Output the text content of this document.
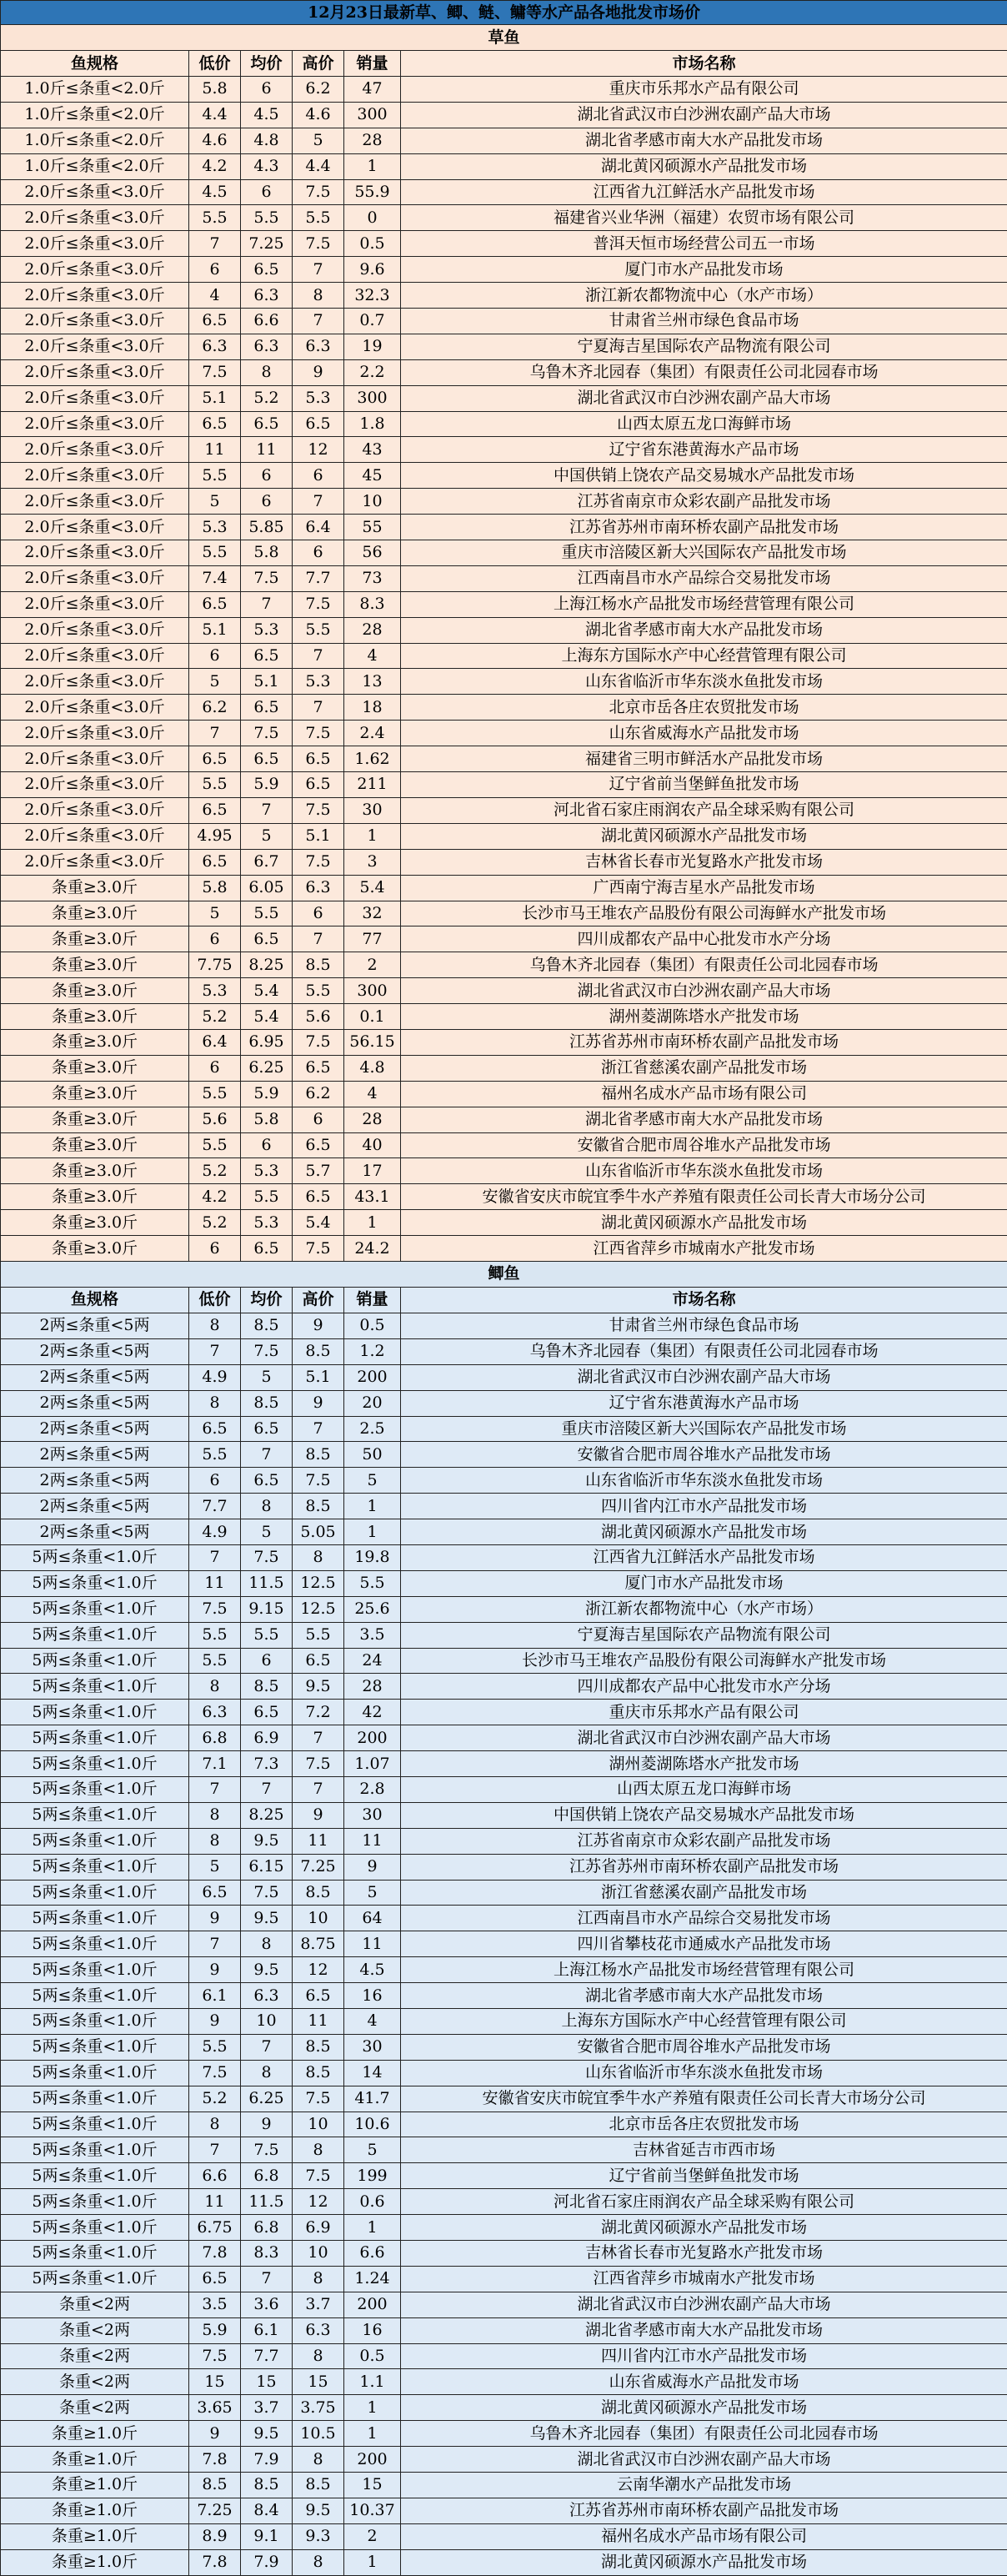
12月23日最新草、鲫、鲢、鳙等水产品各地批发市场价					
草鱼					
鱼规格	低价	均价	高价	销量	市场名称
1.0斤≤条重<2.0斤	5.8	6	6.2	47	重庆市乐邦水产品有限公司
1.0斤≤条重<2.0斤	4.4	4.5	4.6	300	湖北省武汉市白沙洲农副产品大市场
1.0斤≤条重<2.0斤	4.6	4.8	5	28	湖北省孝感市南大水产品批发市场
1.0斤≤条重<2.0斤	4.2	4.3	4.4	1	湖北黄冈硕源水产品批发市场
2.0斤≤条重<3.0斤	4.5	6	7.5	55.9	江西省九江鲜活水产品批发市场
2.0斤≤条重<3.0斤	5.5	5.5	5.5	0	福建省兴业华洲（福建）农贸市场有限公司
2.0斤≤条重<3.0斤	7	7.25	7.5	0.5	普洱天恒市场经营公司五一市场
2.0斤≤条重<3.0斤	6	6.5	7	9.6	厦门市水产品批发市场
2.0斤≤条重<3.0斤	4	6.3	8	32.3	浙江新农都物流中心（水产市场）
2.0斤≤条重<3.0斤	6.5	6.6	7	0.7	甘肃省兰州市绿色食品市场
2.0斤≤条重<3.0斤	6.3	6.3	6.3	19	宁夏海吉星国际农产品物流有限公司
2.0斤≤条重<3.0斤	7.5	8	9	2.2	乌鲁木齐北园春（集团）有限责任公司北园春市场
2.0斤≤条重<3.0斤	5.1	5.2	5.3	300	湖北省武汉市白沙洲农副产品大市场
2.0斤≤条重<3.0斤	6.5	6.5	6.5	1.8	山西太原五龙口海鲜市场
2.0斤≤条重<3.0斤	11	11	12	43	辽宁省东港黄海水产品市场
2.0斤≤条重<3.0斤	5.5	6	6	45	中国供销上饶农产品交易城水产品批发市场
2.0斤≤条重<3.0斤	5	6	7	10	江苏省南京市众彩农副产品批发市场
2.0斤≤条重<3.0斤	5.3	5.85	6.4	55	江苏省苏州市南环桥农副产品批发市场
2.0斤≤条重<3.0斤	5.5	5.8	6	56	重庆市涪陵区新大兴国际农产品批发市场
2.0斤≤条重<3.0斤	7.4	7.5	7.7	73	江西南昌市水产品综合交易批发市场
2.0斤≤条重<3.0斤	6.5	7	7.5	8.3	上海江杨水产品批发市场经营管理有限公司
2.0斤≤条重<3.0斤	5.1	5.3	5.5	28	湖北省孝感市南大水产品批发市场
2.0斤≤条重<3.0斤	6	6.5	7	4	上海东方国际水产中心经营管理有限公司
2.0斤≤条重<3.0斤	5	5.1	5.3	13	山东省临沂市华东淡水鱼批发市场
2.0斤≤条重<3.0斤	6.2	6.5	7	18	北京市岳各庄农贸批发市场
2.0斤≤条重<3.0斤	7	7.5	7.5	2.4	山东省威海水产品批发市场
2.0斤≤条重<3.0斤	6.5	6.5	6.5	1.62	福建省三明市鲜活水产品批发市场
2.0斤≤条重<3.0斤	5.5	5.9	6.5	211	辽宁省前当堡鲜鱼批发市场
2.0斤≤条重<3.0斤	6.5	7	7.5	30	河北省石家庄雨润农产品全球采购有限公司
2.0斤≤条重<3.0斤	4.95	5	5.1	1	湖北黄冈硕源水产品批发市场
2.0斤≤条重<3.0斤	6.5	6.7	7.5	3	吉林省长春市光复路水产批发市场
条重≥3.0斤	5.8	6.05	6.3	5.4	广西南宁海吉星水产品批发市场
条重≥3.0斤	5	5.5	6	32	长沙市马王堆农产品股份有限公司海鲜水产批发市场
条重≥3.0斤	6	6.5	7	77	四川成都农产品中心批发市水产分场
条重≥3.0斤	7.75	8.25	8.5	2	乌鲁木齐北园春（集团）有限责任公司北园春市场
条重≥3.0斤	5.3	5.4	5.5	300	湖北省武汉市白沙洲农副产品大市场
条重≥3.0斤	5.2	5.4	5.6	0.1	湖州菱湖陈塔水产批发市场
条重≥3.0斤	6.4	6.95	7.5	56.15	江苏省苏州市南环桥农副产品批发市场
条重≥3.0斤	6	6.25	6.5	4.8	浙江省慈溪农副产品批发市场
条重≥3.0斤	5.5	5.9	6.2	4	福州名成水产品市场有限公司
条重≥3.0斤	5.6	5.8	6	28	湖北省孝感市南大水产品批发市场
条重≥3.0斤	5.5	6	6.5	40	安徽省合肥市周谷堆水产品批发市场
条重≥3.0斤	5.2	5.3	5.7	17	山东省临沂市华东淡水鱼批发市场
条重≥3.0斤	4.2	5.5	6.5	43.1	安徽省安庆市皖宜季牛水产养殖有限责任公司长青大市场分公司
条重≥3.0斤	5.2	5.3	5.4	1	湖北黄冈硕源水产品批发市场
条重≥3.0斤	6	6.5	7.5	24.2	江西省萍乡市城南水产批发市场
鲫鱼					
鱼规格	低价	均价	高价	销量	市场名称
2两≤条重<5两	8	8.5	9	0.5	甘肃省兰州市绿色食品市场
2两≤条重<5两	7	7.5	8.5	1.2	乌鲁木齐北园春（集团）有限责任公司北园春市场
2两≤条重<5两	4.9	5	5.1	200	湖北省武汉市白沙洲农副产品大市场
2两≤条重<5两	8	8.5	9	20	辽宁省东港黄海水产品市场
2两≤条重<5两	6.5	6.5	7	2.5	重庆市涪陵区新大兴国际农产品批发市场
2两≤条重<5两	5.5	7	8.5	50	安徽省合肥市周谷堆水产品批发市场
2两≤条重<5两	6	6.5	7.5	5	山东省临沂市华东淡水鱼批发市场
2两≤条重<5两	7.7	8	8.5	1	四川省内江市水产品批发市场
2两≤条重<5两	4.9	5	5.05	1	湖北黄冈硕源水产品批发市场
5两≤条重<1.0斤	7	7.5	8	19.8	江西省九江鲜活水产品批发市场
5两≤条重<1.0斤	11	11.5	12.5	5.5	厦门市水产品批发市场
5两≤条重<1.0斤	7.5	9.15	12.5	25.6	浙江新农都物流中心（水产市场）
5两≤条重<1.0斤	5.5	5.5	5.5	3.5	宁夏海吉星国际农产品物流有限公司
5两≤条重<1.0斤	5.5	6	6.5	24	长沙市马王堆农产品股份有限公司海鲜水产批发市场
5两≤条重<1.0斤	8	8.5	9.5	28	四川成都农产品中心批发市水产分场
5两≤条重<1.0斤	6.3	6.5	7.2	42	重庆市乐邦水产品有限公司
5两≤条重<1.0斤	6.8	6.9	7	200	湖北省武汉市白沙洲农副产品大市场
5两≤条重<1.0斤	7.1	7.3	7.5	1.07	湖州菱湖陈塔水产批发市场
5两≤条重<1.0斤	7	7	7	2.8	山西太原五龙口海鲜市场
5两≤条重<1.0斤	8	8.25	9	30	中国供销上饶农产品交易城水产品批发市场
5两≤条重<1.0斤	8	9.5	11	11	江苏省南京市众彩农副产品批发市场
5两≤条重<1.0斤	5	6.15	7.25	9	江苏省苏州市南环桥农副产品批发市场
5两≤条重<1.0斤	6.5	7.5	8.5	5	浙江省慈溪农副产品批发市场
5两≤条重<1.0斤	9	9.5	10	64	江西南昌市水产品综合交易批发市场
5两≤条重<1.0斤	7	8	8.75	11	四川省攀枝花市通威水产品批发市场
5两≤条重<1.0斤	9	9.5	12	4.5	上海江杨水产品批发市场经营管理有限公司
5两≤条重<1.0斤	6.1	6.3	6.5	16	湖北省孝感市南大水产品批发市场
5两≤条重<1.0斤	9	10	11	4	上海东方国际水产中心经营管理有限公司
5两≤条重<1.0斤	5.5	7	8.5	30	安徽省合肥市周谷堆水产品批发市场
5两≤条重<1.0斤	7.5	8	8.5	14	山东省临沂市华东淡水鱼批发市场
5两≤条重<1.0斤	5.2	6.25	7.5	41.7	安徽省安庆市皖宜季牛水产养殖有限责任公司长青大市场分公司
5两≤条重<1.0斤	8	9	10	10.6	北京市岳各庄农贸批发市场
5两≤条重<1.0斤	7	7.5	8	5	吉林省延吉市西市场
5两≤条重<1.0斤	6.6	6.8	7.5	199	辽宁省前当堡鲜鱼批发市场
5两≤条重<1.0斤	11	11.5	12	0.6	河北省石家庄雨润农产品全球采购有限公司
5两≤条重<1.0斤	6.75	6.8	6.9	1	湖北黄冈硕源水产品批发市场
5两≤条重<1.0斤	7.8	8.3	10	6.6	吉林省长春市光复路水产批发市场
5两≤条重<1.0斤	6.5	7	8	1.24	江西省萍乡市城南水产批发市场
条重<2两	3.5	3.6	3.7	200	湖北省武汉市白沙洲农副产品大市场
条重<2两	5.9	6.1	6.3	16	湖北省孝感市南大水产品批发市场
条重<2两	7.5	7.7	8	0.5	四川省内江市水产品批发市场
条重<2两	15	15	15	1.1	山东省威海水产品批发市场
条重<2两	3.65	3.7	3.75	1	湖北黄冈硕源水产品批发市场
条重≥1.0斤	9	9.5	10.5	1	乌鲁木齐北园春（集团）有限责任公司北园春市场
条重≥1.0斤	7.8	7.9	8	200	湖北省武汉市白沙洲农副产品大市场
条重≥1.0斤	8.5	8.5	8.5	15	云南华潮水产品批发市场
条重≥1.0斤	7.25	8.4	9.5	10.37	江苏省苏州市南环桥农副产品批发市场
条重≥1.0斤	8.9	9.1	9.3	2	福州名成水产品市场有限公司
条重≥1.0斤	7.8	7.9	8	1	湖北黄冈硕源水产品批发市场
